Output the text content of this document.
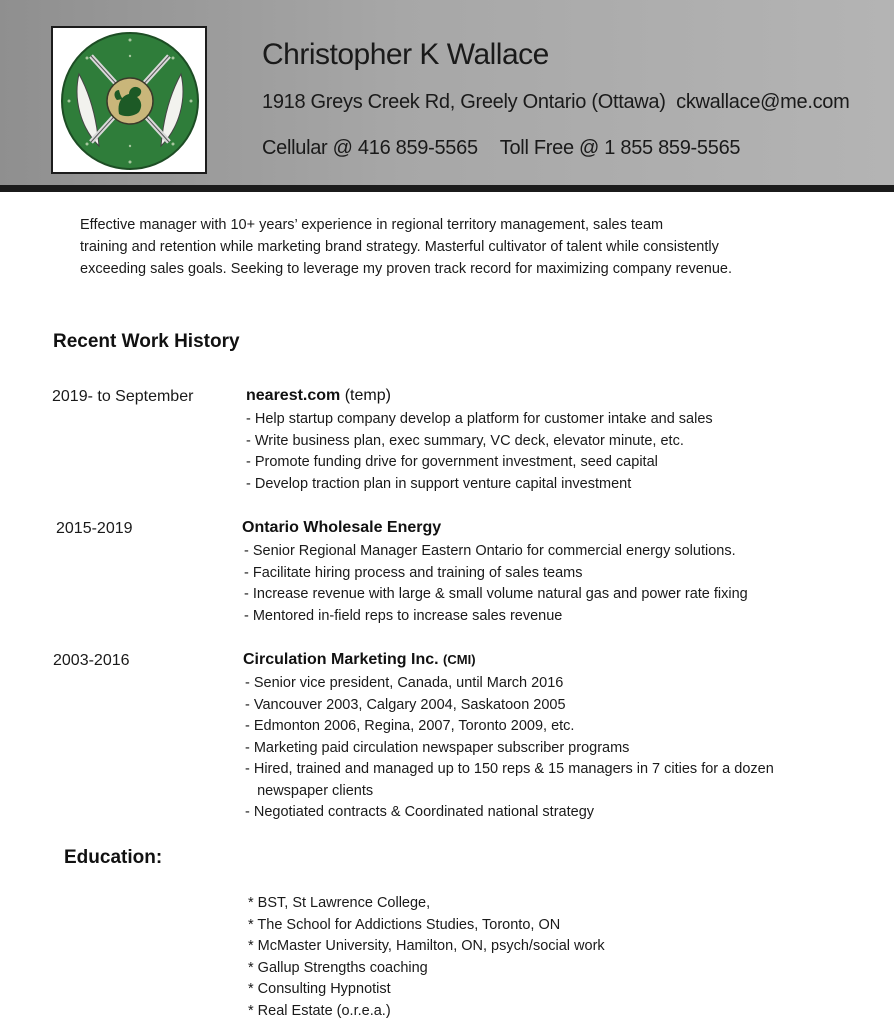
Christopher K Wallace
1918 Greys Creek Rd, Greely Ontario (Ottawa) ckwallace@me.com
Cellular @ 416 859-5565 Toll Free @ 1 855 859-5565
Effective manager with 10+ years’ experience in regional territory management, sales team
training and retention while marketing brand strategy. Masterful cultivator of talent while consistently
exceeding sales goals. Seeking to leverage my proven track record for maximizing company revenue.
Recent Work History
2019- to September	nearest.com (temp)
- Help startup company develop a platform for customer intake and sales
- Write business plan, exec summary, VC deck, elevator minute, etc.
- Promote funding drive for government investment, seed capital
- Develop traction plan in support venture capital investment
2015-2019	Ontario Wholesale Energy
- Senior Regional Manager Eastern Ontario for commercial energy solutions.
- Facilitate hiring process and training of sales teams
- Increase revenue with large & small volume natural gas and power rate fixing
- Mentored in-field reps to increase sales revenue
2003-2016	Circulation Marketing Inc. (CMI)
- Senior vice president, Canada, until March 2016
- Vancouver 2003, Calgary 2004, Saskatoon 2005
- Edmonton 2006, Regina, 2007, Toronto 2009, etc.
- Marketing paid circulation newspaper subscriber programs
- Hired, trained and managed up to 150 reps & 15 managers in 7 cities for a dozen
newspaper clients
- Negotiated contracts & Coordinated national strategy
Education:
* BST, St Lawrence College,
* The School for Addictions Studies, Toronto, ON
* McMaster University, Hamilton, ON, psych/social work
* Gallup Strengths coaching
* Consulting Hypnotist
* Real Estate (o.r.e.a.)
